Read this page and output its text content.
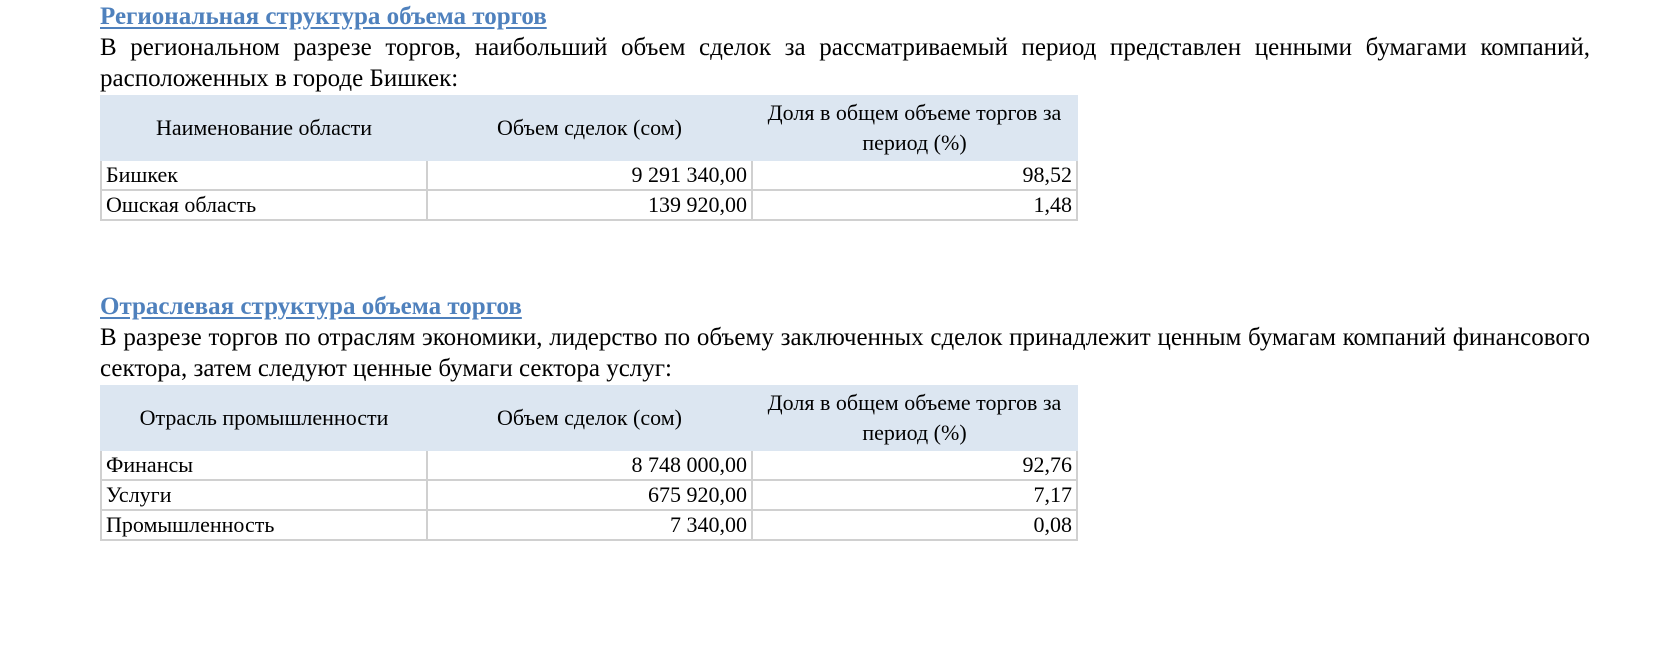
Региональная структура объема торгов

В региональном разрезе торгов, наибольший объем сделок за рассматриваемый период представлен ценными бумагами компаний, расположенных в городе Бишкек:

Наименование области	Объем сделок (сом)	Доля в общем объеме торгов за период (%)
Бишкек	9 291 340,00	98,52
Ошская область	139 920,00	1,48
Отраслевая структура объема торгов

В разрезе торгов по отраслям экономики, лидерство по объему заключенных сделок принадлежит ценным бумагам компаний финансового сектора, затем следуют ценные бумаги сектора услуг:

Отрасль промышленности	Объем сделок (сом)	Доля в общем объеме торгов за период (%)
Финансы	8 748 000,00	92,76
Услуги	675 920,00	7,17
Промышленность	7 340,00	0,08
